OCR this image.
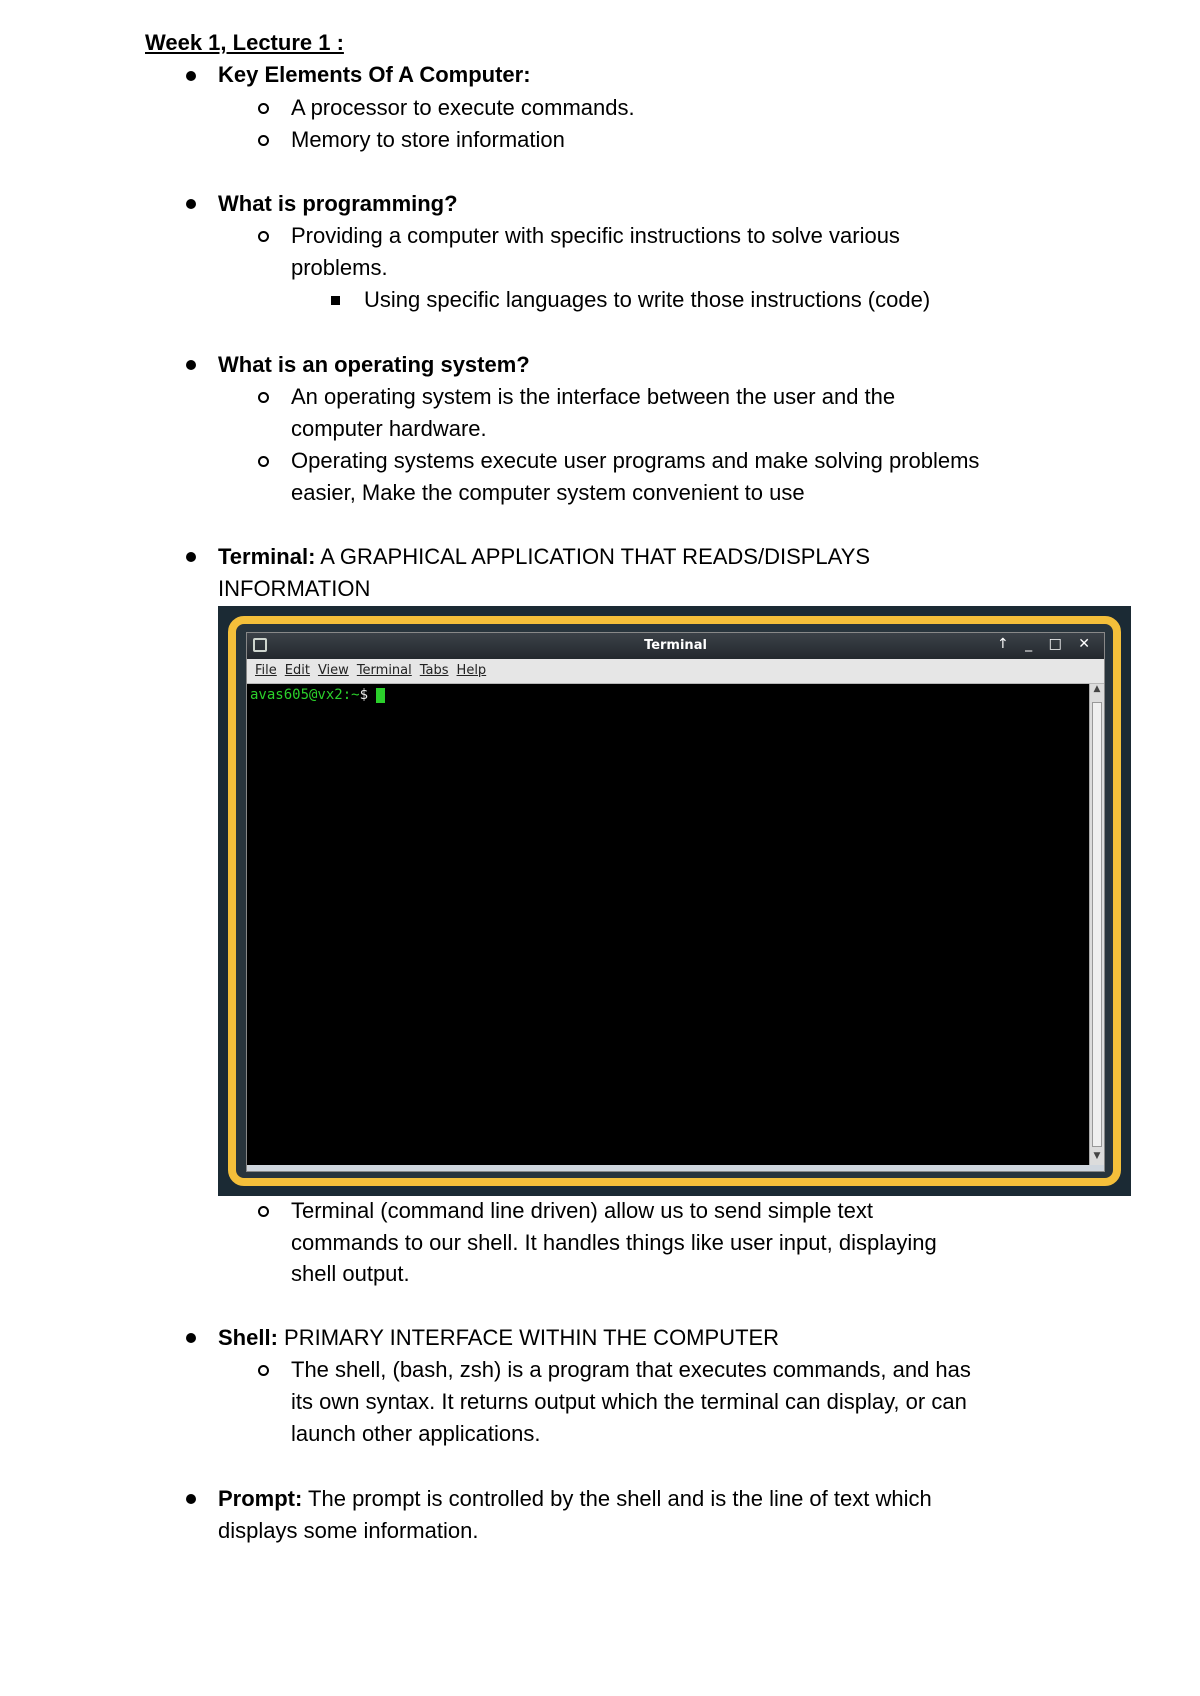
Week 1, Lecture 1 :
Key Elements Of A Computer:
A processor to execute commands.
Memory to store information
What is programming?
Providing a computer with specific instructions to solve various
problems.
Using specific languages to write those instructions (code)
What is an operating system?
An operating system is the interface between the user and the
computer hardware.
Operating systems execute user programs and make solving problems
easier, Make the computer system convenient to use
Terminal: A GRAPHICAL APPLICATION THAT READS/DISPLAYS
INFORMATION
Terminal	↑ _ □ ✕
File Edit View Terminal Tabs Help
avas605@vx2:~$	▲
▼
Terminal (command line driven) allow us to send simple text
commands to our shell. It handles things like user input, displaying
shell output.
Shell: PRIMARY INTERFACE WITHIN THE COMPUTER
The shell, (bash, zsh) is a program that executes commands, and has
its own syntax. It returns output which the terminal can display, or can
launch other applications.
Prompt: The prompt is controlled by the shell and is the line of text which
displays some information.
